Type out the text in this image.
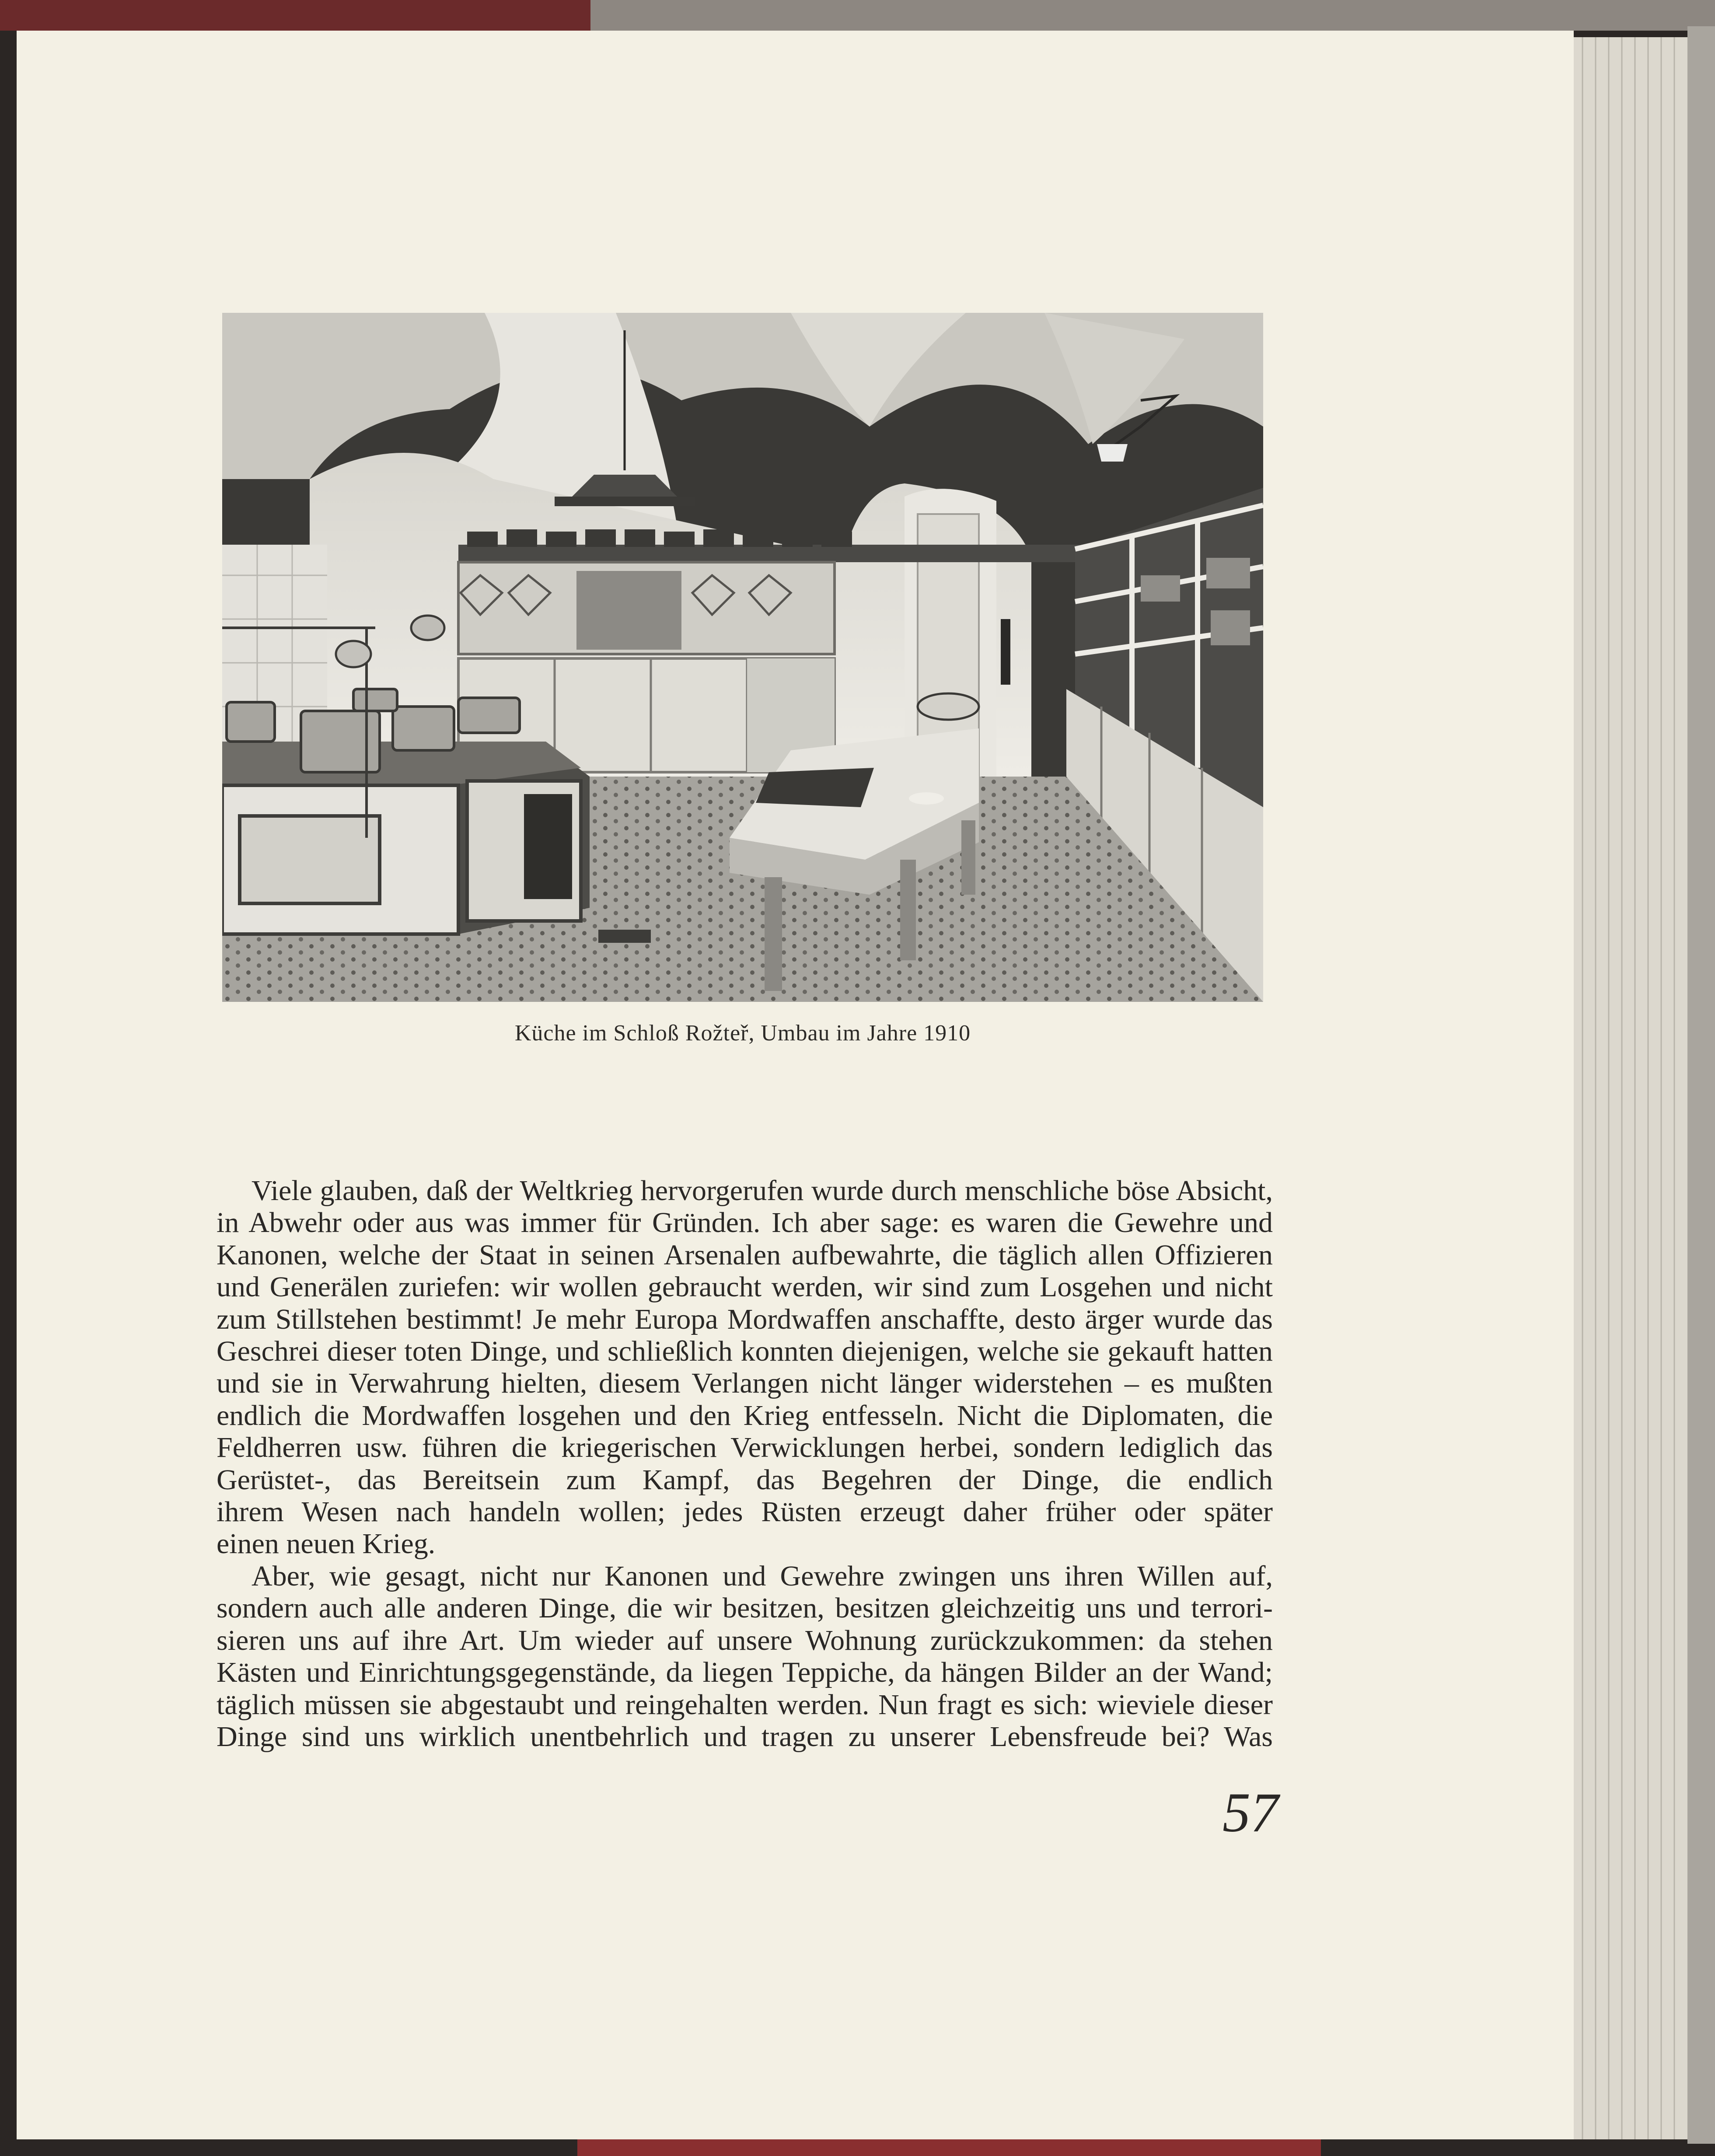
Küche im Schloß Rožteř, Umbau im Jahre 1910
Viele glauben, daß der Weltkrieg hervorgerufen wurde durch menschliche böse Absicht,
in Abwehr oder aus was immer für Gründen. Ich aber sage: es waren die Gewehre und
Kanonen, welche der Staat in seinen Arsenalen aufbewahrte, die täglich allen Offizieren
und Generälen zuriefen: wir wollen gebraucht werden, wir sind zum Losgehen und nicht
zum Stillstehen bestimmt! Je mehr Europa Mordwaffen anschaffte, desto ärger wurde das
Geschrei dieser toten Dinge, und schließlich konnten diejenigen, welche sie gekauft hatten
und sie in Verwahrung hielten, diesem Verlangen nicht länger widerstehen – es mußten
endlich die Mordwaffen losgehen und den Krieg entfesseln. Nicht die Diplomaten, die
Feldherren usw. führen die kriegerischen Verwicklungen herbei, sondern lediglich das
Gerüstet-, das Bereitsein zum Kampf, das Begehren der Dinge, die endlich
ihrem Wesen nach handeln wollen; jedes Rüsten erzeugt daher früher oder später
einen neuen Krieg.
Aber, wie gesagt, nicht nur Kanonen und Gewehre zwingen uns ihren Willen auf,
sondern auch alle anderen Dinge, die wir besitzen, besitzen gleichzeitig uns und terrori-
sieren uns auf ihre Art. Um wieder auf unsere Wohnung zurückzukommen: da stehen
Kästen und Einrichtungsgegenstände, da liegen Teppiche, da hängen Bilder an der Wand;
täglich müssen sie abgestaubt und reingehalten werden. Nun fragt es sich: wieviele dieser
Dinge sind uns wirklich unentbehrlich und tragen zu unserer Lebensfreude bei? Was
57
